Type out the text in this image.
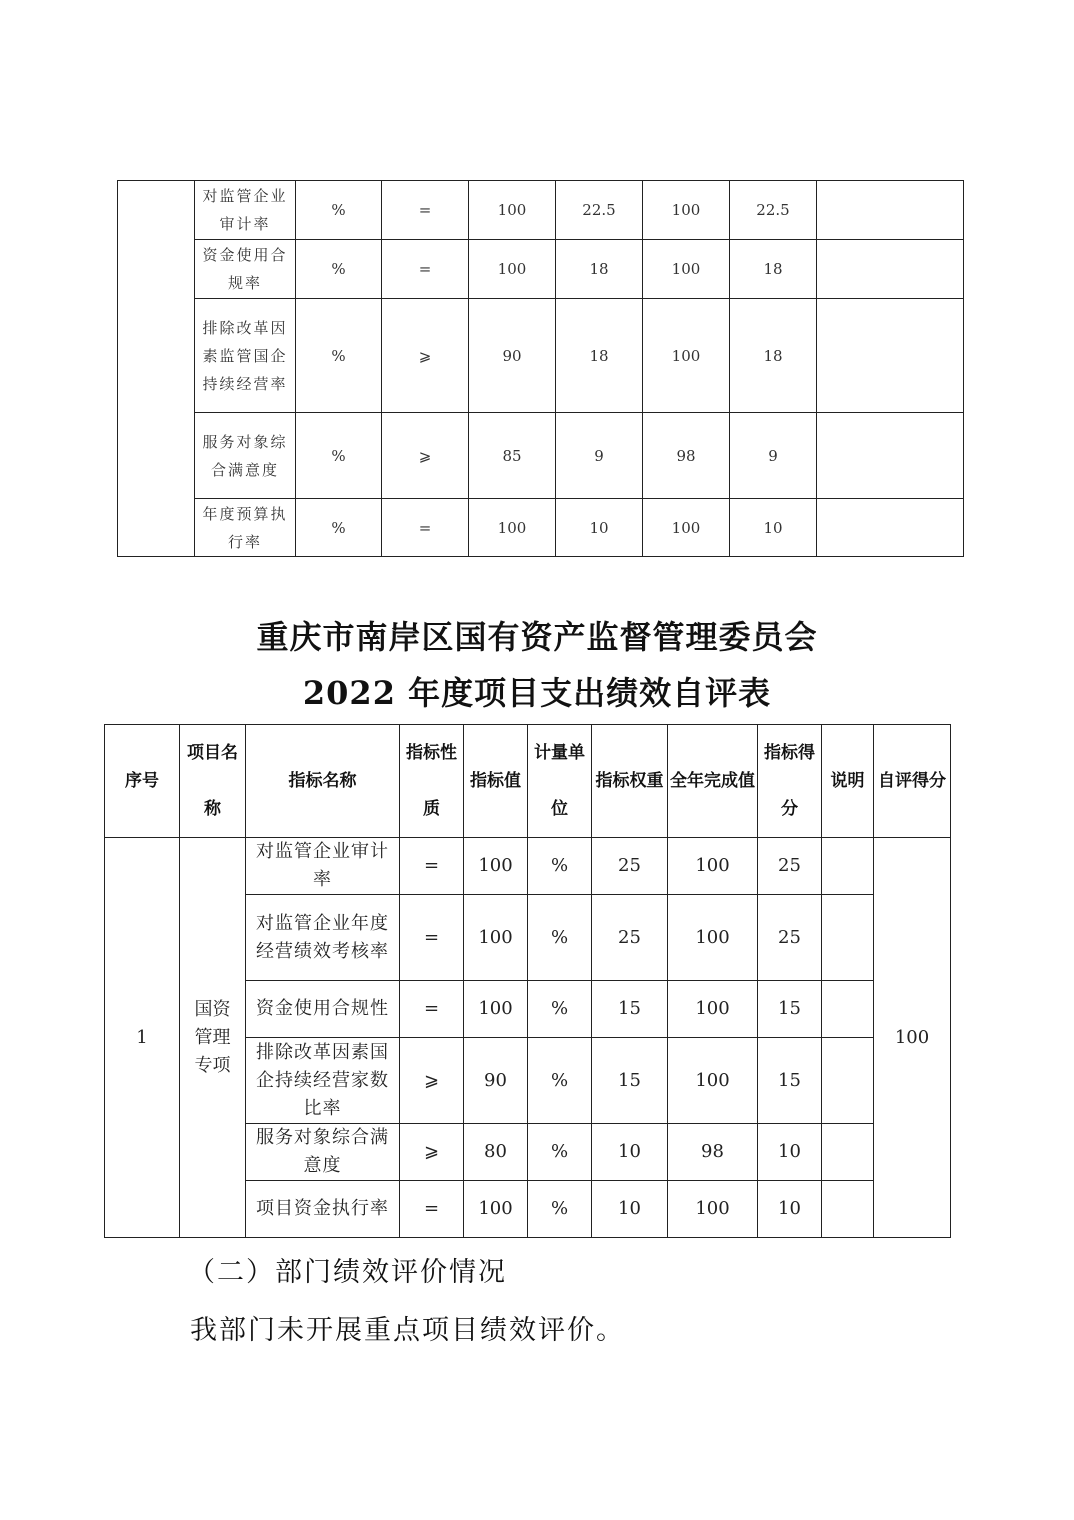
	对监管企业审计率	%	=	100	22.5	100	22.5	
	资金使用合规率	%	=	100	18	100	18	
	排除改革因素监管国企持续经营率	%	⩾	90	18	100	18	
	服务对象综合满意度	%	⩾	85	9	98	9	
	年度预算执行率	%	=	100	10	100	10	
重庆市南岸区国有资产监督管理委员会
2022 年度项目支出绩效自评表
序号	项目名称	指标名称	指标性质	指标值	计量单位	指标权重	全年完成值	指标得分	说明	自评得分
1	国资管理专项	对监管企业审计率	=	100	%	25	100	25		100
		对监管企业年度经营绩效考核率	=	100	%	25	100	25		
		资金使用合规性	=	100	%	15	100	15		
		排除改革因素国企持续经营家数比率	⩾	90	%	15	100	15		
		服务对象综合满意度	⩾	80	%	10	98	10		
		项目资金执行率	=	100	%	10	100	10		
（二）部门绩效评价情况
我部门未开展重点项目绩效评价。
